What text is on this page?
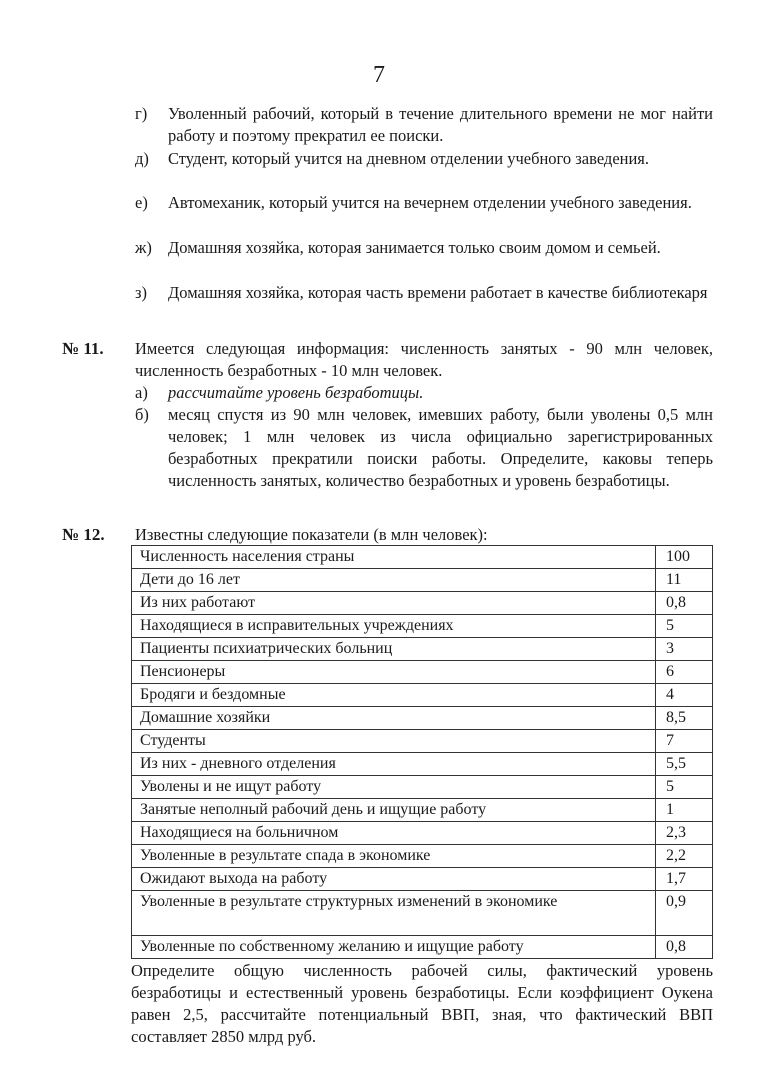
7
г) Уволенный рабочий, который в течение длительного времени не мог найти работу и поэтому прекратил ее поиски.
д) Студент, который учится на дневном отделении учебного заведения.
е) Автомеханик, который учится на вечернем отделении учебного заведения.
ж) Домашняя хозяйка, которая занимается только своим домом и семьей.
з) Домашняя хозяйка, которая часть времени работает в качестве библиотекаря
№ 11. Имеется следующая информация: численность занятых - 90 млн человек, численность безработных - 10 млн человек.
а) рассчитайте уровень безработицы.
б) месяц спустя из 90 млн человек, имевших работу, были уволены 0,5 млн человек; 1 млн человек из числа официально зарегистрированных безработных прекратили поиски работы. Определите, каковы теперь численность занятых, количество безработных и уровень безработицы.
№ 12. Известны следующие показатели (в млн человек):
Численность населения страны	100
Дети до 16 лет	11
Из них работают	0,8
Находящиеся в исправительных учреждениях	5
Пациенты психиатрических больниц	3
Пенсионеры	6
Бродяги и бездомные	4
Домашние хозяйки	8,5
Студенты	7
Из них - дневного отделения	5,5
Уволены и не ищут работу	5
Занятые неполный рабочий день и ищущие работу	1
Находящиеся на больничном	2,3
Уволенные в результате спада в экономике	2,2
Ожидают выхода на работу	1,7
Уволенные в результате структурных изменений в экономике	0,9
Уволенные по собственному желанию и ищущие работу	0,8
Определите общую численность рабочей силы, фактический уровень безработицы и естественный уровень безработицы. Если коэффициент Оукена равен 2,5, рассчитайте потенциальный ВВП, зная, что фактический ВВП составляет 2850 млрд руб.
